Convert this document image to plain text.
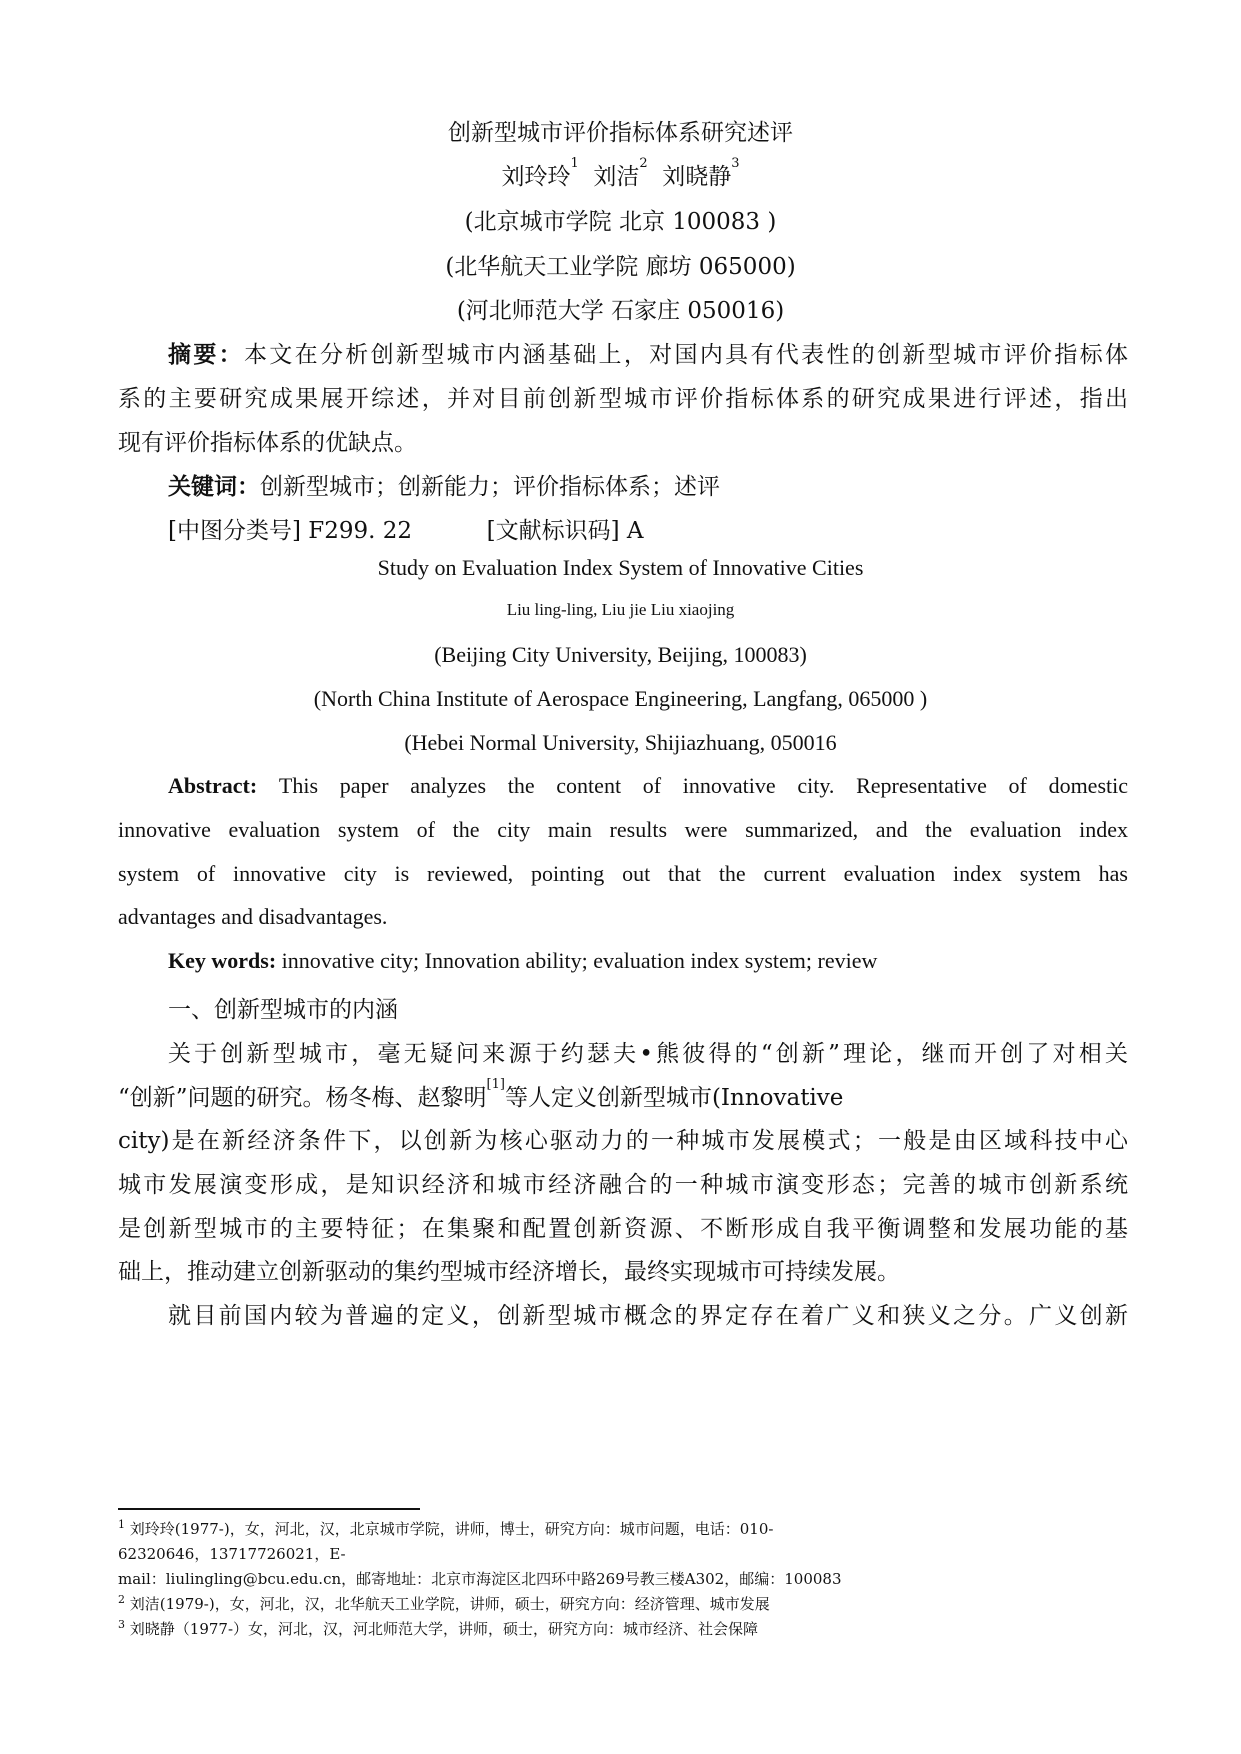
创新型城市评价指标体系研究述评
刘玲玲$^1$  刘洁$^2$  刘晓静$^3$
(北京城市学院 北京 100083 )
(北华航天工业学院 廊坊 065000)
(河北师范大学 石家庄 050016)
摘要：本文在分析创新型城市内涵基础上，对国内具有代表性的创新型城市评价指标体
系的主要研究成果展开综述，并对目前创新型城市评价指标体系的研究成果进行评述，指出
现有评价指标体系的优缺点。
关键词：创新型城市；创新能力；评价指标体系；述评
[中图分类号] F299. 22	[文献标识码] A
Study on Evaluation Index System of Innovative Cities
Liu ling-ling, Liu jie Liu xiaojing
(Beijing City University, Beijing, 100083)
(North China Institute of Aerospace Engineering, Langfang, 065000 )
(Hebei Normal University, Shijiazhuang, 050016
Abstract: This paper analyzes the content of innovative city. Representative of domestic
innovative evaluation system of the city main results were summarized, and the evaluation index
system of innovative city is reviewed, pointing out that the current evaluation index system has
advantages and disadvantages.
Key words: innovative city; Innovation ability; evaluation index system; review
一、创新型城市的内涵
关于创新型城市，毫无疑问来源于约瑟夫•熊彼得的“创新”理论，继而开创了对相关
“创新”问题的研究。杨冬梅、赵黎明[1]等人定义创新型城市(Innovative
city)是在新经济条件下，以创新为核心驱动力的一种城市发展模式；一般是由区域科技中心
城市发展演变形成，是知识经济和城市经济融合的一种城市演变形态；完善的城市创新系统
是创新型城市的主要特征；在集聚和配置创新资源、不断形成自我平衡调整和发展功能的基
础上，推动建立创新驱动的集约型城市经济增长，最终实现城市可持续发展。
就目前国内较为普遍的定义，创新型城市概念的界定存在着广义和狭义之分。广义创新
$^1$ 刘玲玲(1977-)，女，河北，汉，北京城市学院，讲师，博士，研究方向：城市问题，电话：010-
62320646，13717726021，E-
mail：liulingling@bcu.edu.cn，邮寄地址：北京市海淀区北四环中路269号教三楼A302，邮编：100083
$^2$ 刘洁(1979-)，女，河北，汉，北华航天工业学院，讲师，硕士，研究方向：经济管理、城市发展
$^3$ 刘晓静（1977-）女，河北，汉，河北师范大学，讲师，硕士，研究方向：城市经济、社会保障
